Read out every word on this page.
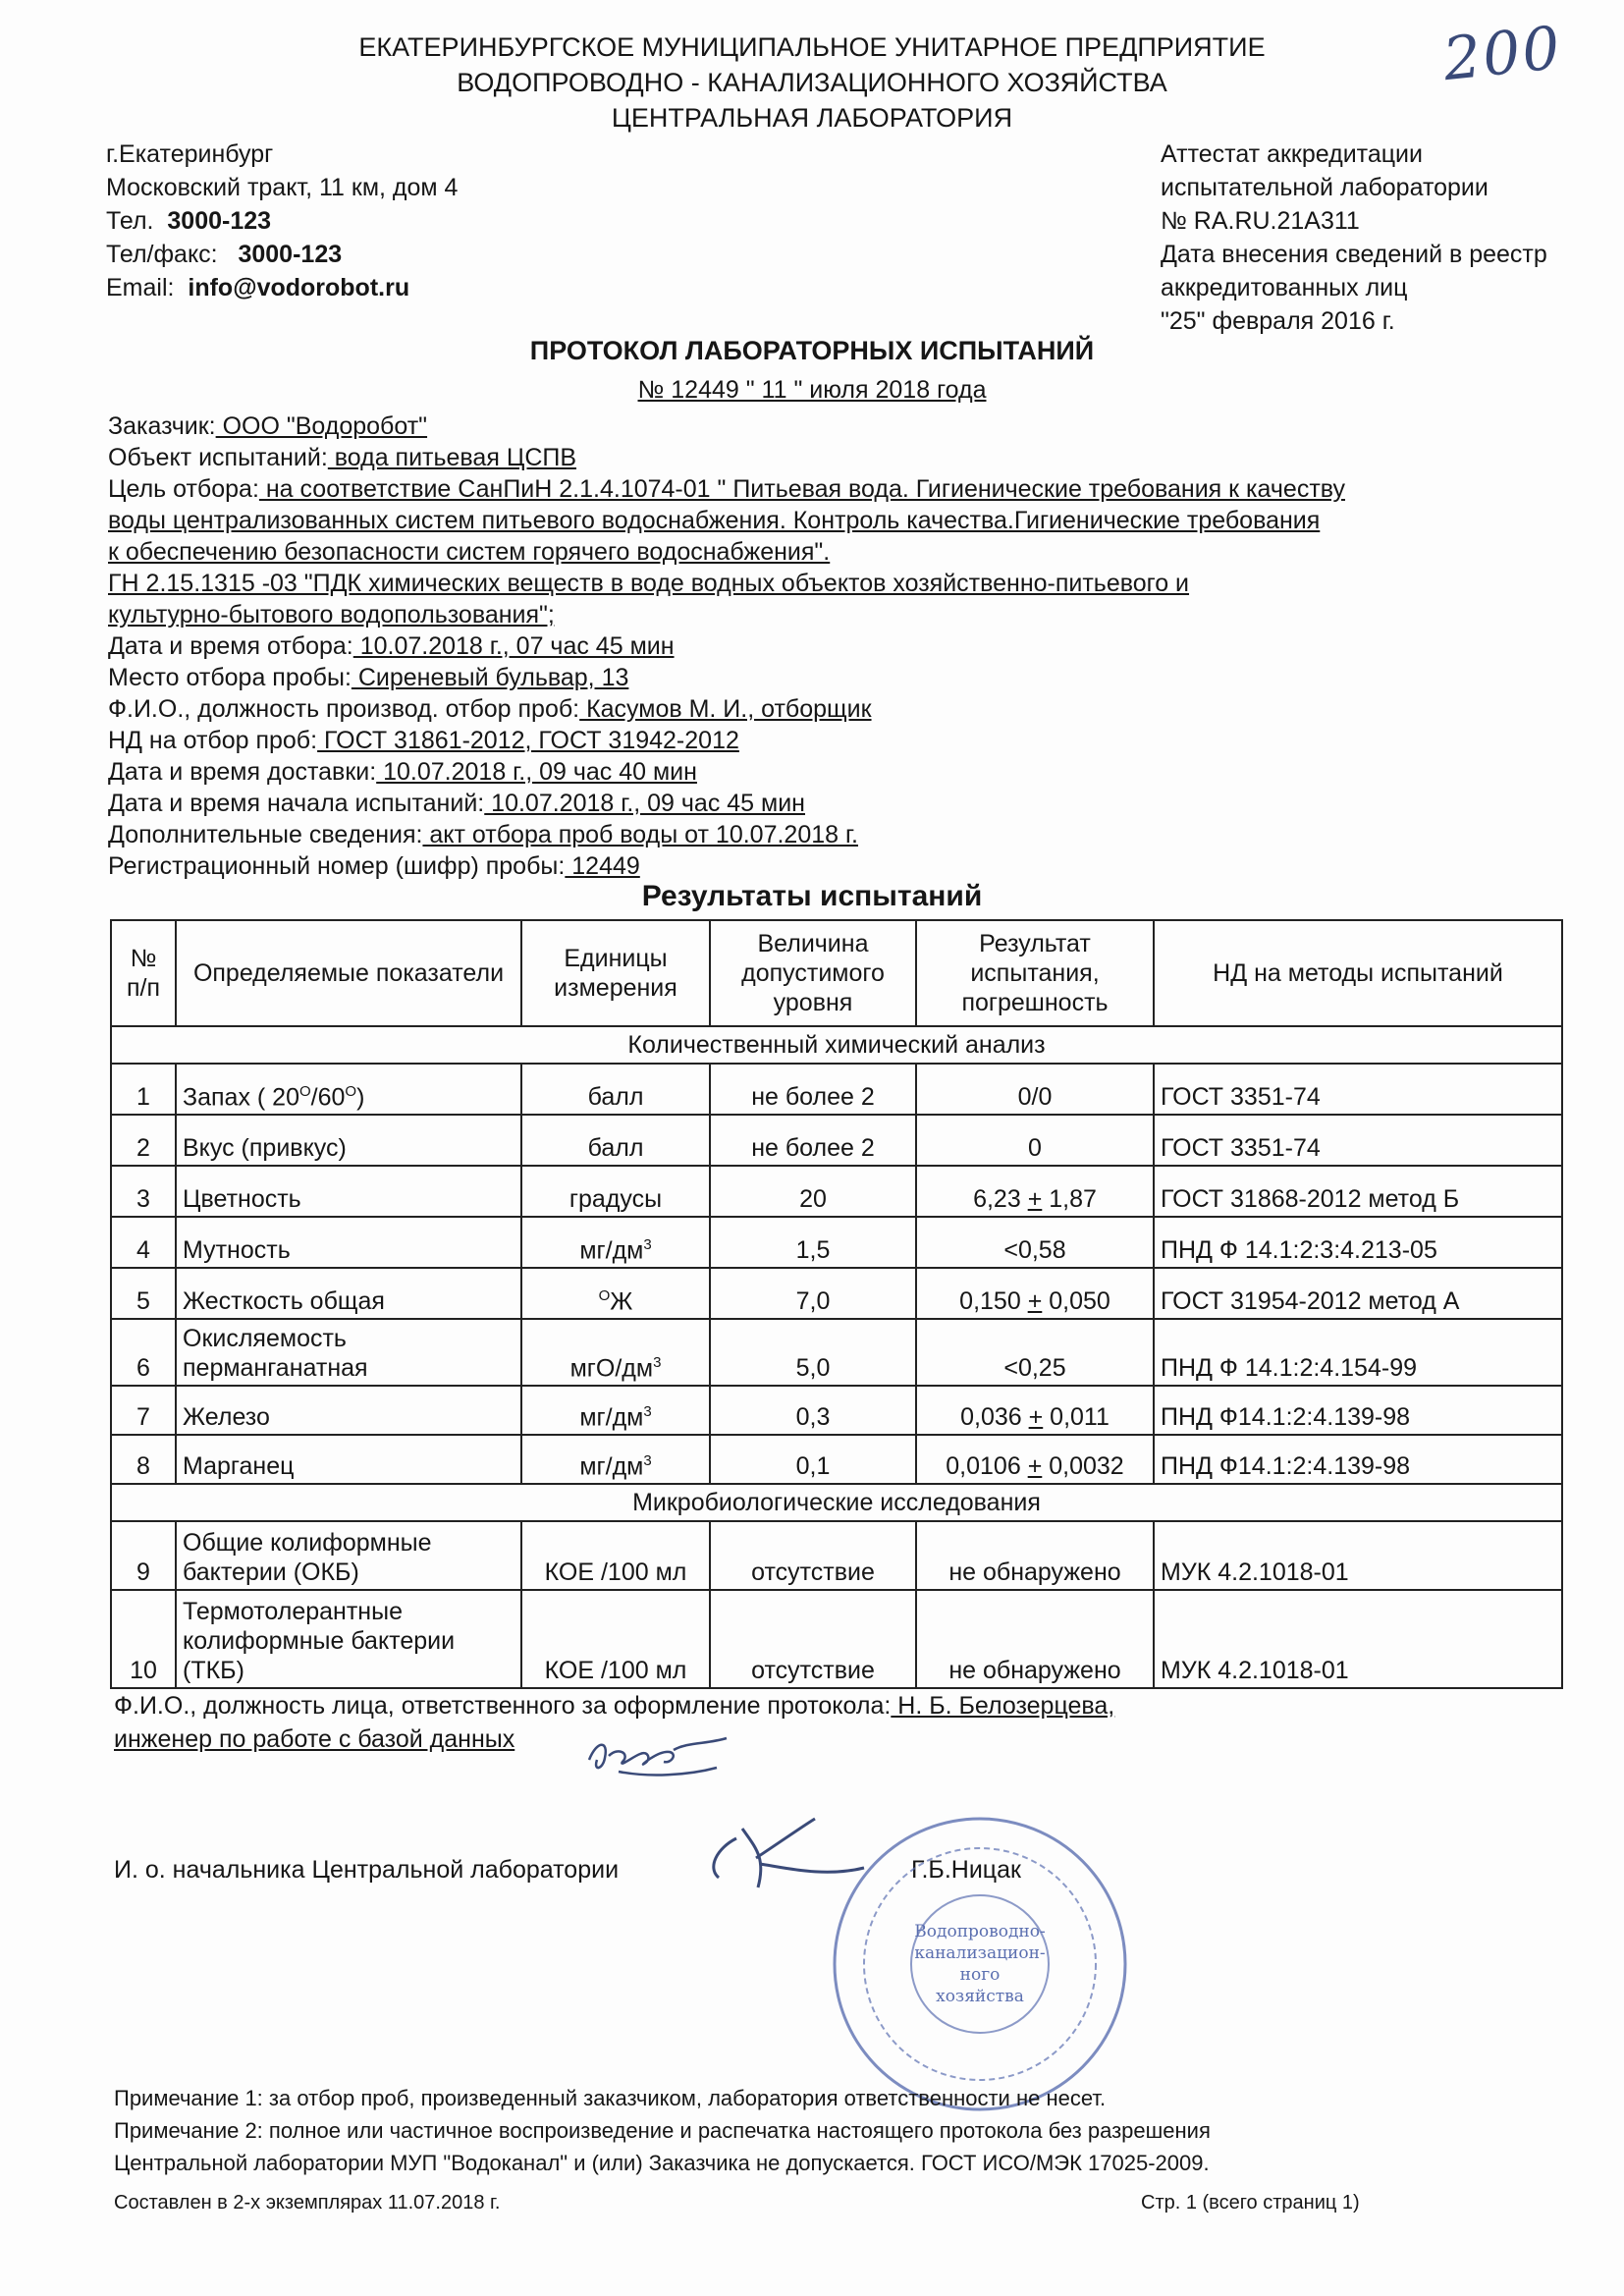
200
ЕКАТЕРИНБУРГСКОЕ МУНИЦИПАЛЬНОЕ УНИТАРНОЕ ПРЕДПРИЯТИЕ
ВОДОПРОВОДНО - КАНАЛИЗАЦИОННОГО ХОЗЯЙСТВА
ЦЕНТРАЛЬНАЯ ЛАБОРАТОРИЯ
г.Екатеринбург
Московский тракт, 11 км, дом 4
Тел. 3000-123
Тел/факс: 3000-123
Email: info@vodorobot.ru
Аттестат аккредитации
испытательной лаборатории
№ RA.RU.21A311
Дата внесения сведений в реестр
аккредитованных лиц
"25" февраля 2016 г.
ПРОТОКОЛ ЛАБОРАТОРНЫХ ИСПЫТАНИЙ
№ 12449 " 11 " июля 2018 года
Заказчик: ООО "Водоробот"
Объект испытаний: вода питьевая ЦСПВ
Цель отбора: на соответствие СанПиН 2.1.4.1074-01 " Питьевая вода. Гигиенические требования к качеству
воды централизованных систем питьевого водоснабжения. Контроль качества.Гигиенические требования
к обеспечению безопасности систем горячего водоснабжения".
ГН 2.15.1315 -03 "ПДК химических веществ в воде водных объектов хозяйственно-питьевого и
культурно-бытового водопользования";
Дата и время отбора: 10.07.2018 г., 07 час 45 мин
Место отбора пробы: Сиреневый бульвар, 13
Ф.И.О., должность производ. отбор проб: Касумов М. И., отборщик
НД на отбор проб: ГОСТ 31861-2012, ГОСТ 31942-2012
Дата и время доставки: 10.07.2018 г., 09 час 40 мин
Дата и время начала испытаний: 10.07.2018 г., 09 час 45 мин
Дополнительные сведения: акт отбора проб воды от 10.07.2018 г.
Регистрационный номер (шифр) пробы: 12449
Результаты испытаний
№ п/п	Определяемые показатели	Единицы измерения	Величина допустимого уровня	Результат испытания, погрешность	НД на методы испытаний
Количественный химический анализ					
1	Запах ( $20^О/60^О$)	балл	не более 2	0/0	ГОСТ 3351-74
2	Вкус (привкус)	балл	не более 2	0	ГОСТ 3351-74
3	Цветность	градусы	20	6,23 + 1,87	ГОСТ 31868-2012 метод Б
4	Мутность	$мг/дм^3$	1,5	<0,58	ПНД Ф 14.1:2:3:4.213-05
5	Жесткость общая	$^О$Ж	7,0	0,150 + 0,050	ГОСТ 31954-2012 метод А
6	Окисляемость перманганатная	мгО/$дм^3$	5,0	<0,25	ПНД Ф 14.1:2:4.154-99
7	Железо	$мг/дм^3$	0,3	0,036 + 0,011	ПНД Ф14.1:2:4.139-98
8	Марганец	$мг/дм^3$	0,1	0,0106 + 0,0032	ПНД Ф14.1:2:4.139-98
Микробиологические исследования					
9	Общие колиформные бактерии (ОКБ)	КОЕ /100 мл	отсутствие	не обнаружено	МУК 4.2.1018-01
10	Термотолерантные колиформные бактерии (ТКБ)	КОЕ /100 мл	отсутствие	не обнаружено	МУК 4.2.1018-01
Ф.И.О., должность лица, ответственного за оформление протокола: Н. Б. Белозерцева,
инженер по работе с базой данных
И. о. начальника Центральной лаборатории	Г.Б.Ницак
Водопроводно-
канализацион-
ного
хозяйства
Примечание 1: за отбор проб, произведенный заказчиком, лаборатория ответственности не несет.
Примечание 2: полное или частичное воспроизведение и распечатка настоящего протокола без разрешения
Центральной лаборатории МУП "Водоканал" и (или) Заказчика не допускается. ГОСТ ИСО/МЭК 17025-2009.
Составлен в 2-х экземплярах 11.07.2018 г.	Стр. 1 (всего страниц 1)
